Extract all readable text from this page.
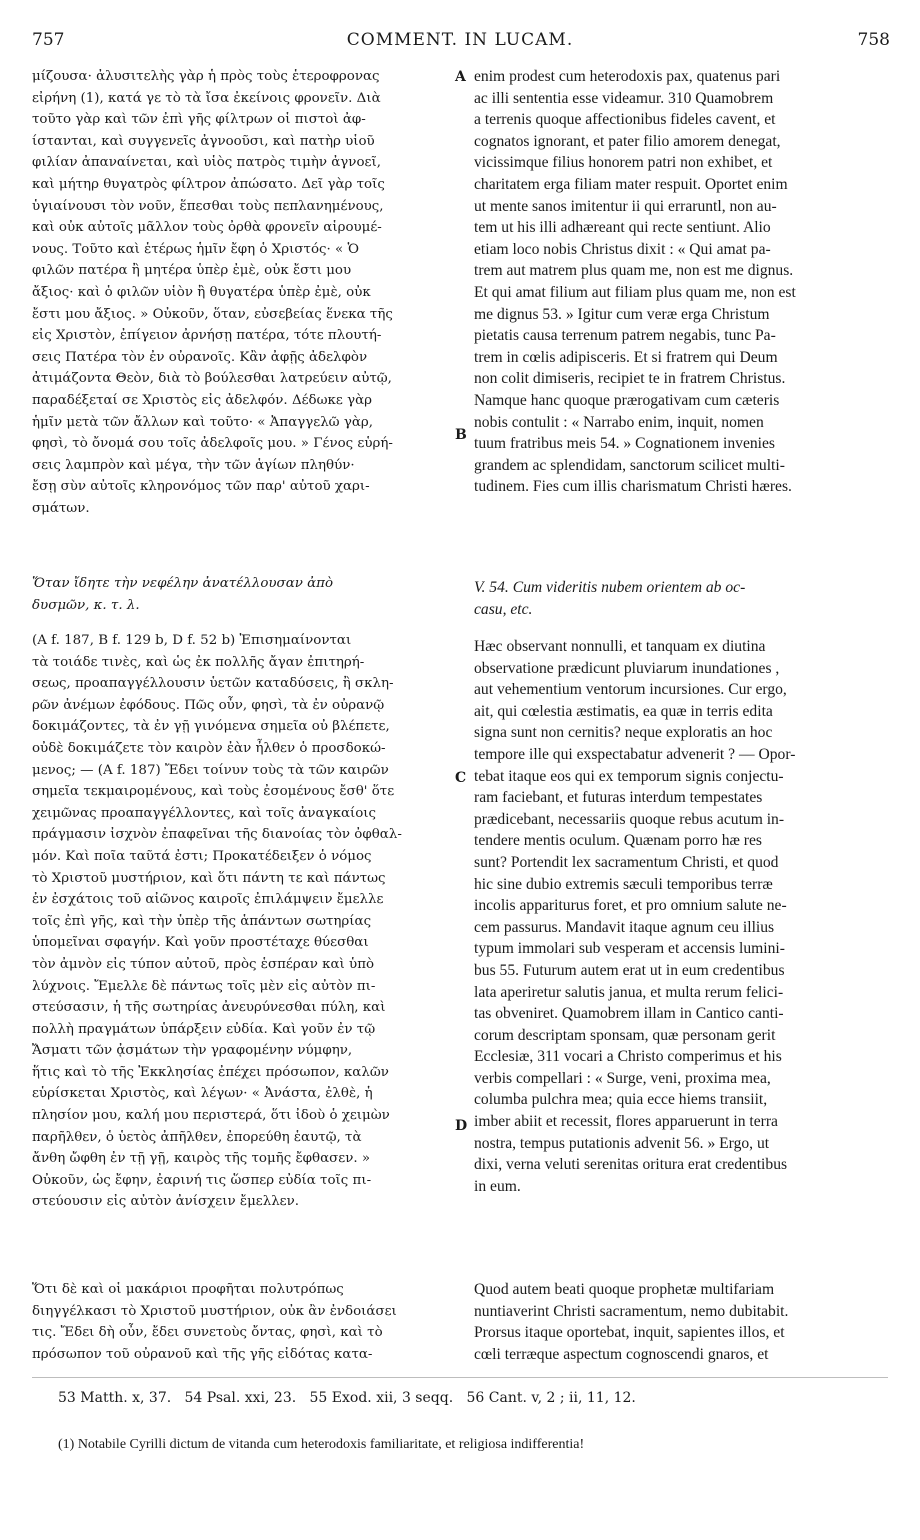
757	COMMENT. IN LUCAM.	758
A
B
C
D

μίζουσα· ἀλυσιτελὴς γὰρ ἡ πρὸς τοὺς ἑτεροφρονας

εἰρήνη (1), κατά γε τὸ τὰ ἴσα ἐκείνοις φρονεῖν. Διὰ

τοῦτο γὰρ καὶ τῶν ἐπὶ γῆς φίλτρων οἱ πιστοὶ ἀφ-

ίστανται, καὶ συγγενεῖς ἀγνοοῦσι, καὶ πατὴρ υἱοῦ

φιλίαν ἀπαναίνεται, καὶ υἱὸς πατρὸς τιμὴν ἀγνοεῖ,

καὶ μήτηρ θυγατρὸς φίλτρον ἀπώσατο. Δεῖ γὰρ τοῖς

ὑγιαίνουσι τὸν νοῦν, ἕπεσθαι τοὺς πεπλανημένους,

καὶ οὐκ αὐτοῖς μᾶλλον τοὺς ὀρθὰ φρονεῖν αἱρουμέ-

νους. Τοῦτο καὶ ἑτέρως ἡμῖν ἔφη ὁ Χριστός· « Ὁ

φιλῶν πατέρα ἢ μητέρα ὑπὲρ ἐμὲ, οὐκ ἔστι μου

ἄξιος· καὶ ὁ φιλῶν υἱὸν ἢ θυγατέρα ὑπὲρ ἐμὲ, οὐκ

ἔστι μου ἄξιος. » Οὐκοῦν, ὅταν, εὐσεβείας ἕνεκα τῆς

εἰς Χριστὸν, ἐπίγειον ἀρνήσῃ πατέρα, τότε πλουτή-

σεις Πατέρα τὸν ἐν οὐρανοῖς. Κἂν ἀφῇς ἀδελφὸν

ἀτιμάζοντα Θεὸν, διὰ τὸ βούλεσθαι λατρεύειν αὐτῷ,

παραδέξεταί σε Χριστὸς εἰς ἀδελφόν. Δέδωκε γὰρ

ἡμῖν μετὰ τῶν ἄλλων καὶ τοῦτο· « Ἀπαγγελῶ γὰρ,

φησὶ, τὸ ὄνομά σου τοῖς ἀδελφοῖς μου. » Γένος εὑρή-

σεις λαμπρὸν καὶ μέγα, τὴν τῶν ἁγίων πληθύν·

ἔσῃ σὺν αὐτοῖς κληρονόμος τῶν παρ' αὐτοῦ χαρι-

σμάτων.

Ὅταν ἴδητε τὴν νεφέλην ἀνατέλλουσαν ἀπὸ

δυσμῶν, κ. τ. λ.

(A f. 187, B f. 129 b, D f. 52 b) Ἐπισημαίνονται

τὰ τοιάδε τινὲς, καὶ ὡς ἐκ πολλῆς ἄγαν ἐπιτηρή-

σεως, προαπαγγέλλουσιν ὑετῶν καταδύσεις, ἢ σκλη-

ρῶν ἀνέμων ἐφόδους. Πῶς οὖν, φησὶ, τὰ ἐν οὐρανῷ

δοκιμάζοντες, τὰ ἐν γῇ γινόμενα σημεῖα οὐ βλέπετε,

οὐδὲ δοκιμάζετε τὸν καιρὸν ἐὰν ἦλθεν ὁ προσδοκώ-

μενος; — (A f. 187) Ἔδει τοίνυν τοὺς τὰ τῶν καιρῶν

σημεῖα τεκμαιρομένους, καὶ τοὺς ἐσομένους ἔσθ' ὅτε

χειμῶνας προαπαγγέλλοντες, καὶ τοῖς ἀναγκαίοις

πράγμασιν ἰσχνὸν ἐπαφεῖναι τῆς διανοίας τὸν ὀφθαλ-

μόν. Καὶ ποῖα ταῦτά ἐστι; Προκατέδειξεν ὁ νόμος

τὸ Χριστοῦ μυστήριον, καὶ ὅτι πάντη τε καὶ πάντως

ἐν ἐσχάτοις τοῦ αἰῶνος καιροῖς ἐπιλάμψειν ἔμελλε

τοῖς ἐπὶ γῆς, καὶ τὴν ὑπὲρ τῆς ἁπάντων σωτηρίας

ὑπομεῖναι σφαγήν. Καὶ γοῦν προστέταχε θύεσθαι

τὸν ἀμνὸν εἰς τύπον αὐτοῦ, πρὸς ἑσπέραν καὶ ὑπὸ

λύχνοις. Ἔμελλε δὲ πάντως τοῖς μὲν εἰς αὐτὸν πι-

στεύσασιν, ἡ τῆς σωτηρίας ἀνευρύνεσθαι πύλη, καὶ

πολλὴ πραγμάτων ὑπάρξειν εὐδία. Καὶ γοῦν ἐν τῷ

Ἄσματι τῶν ᾀσμάτων τὴν γραφομένην νύμφην,

ἥτις καὶ τὸ τῆς Ἐκκλησίας ἐπέχει πρόσωπον, καλῶν

εὑρίσκεται Χριστὸς, καὶ λέγων· « Ἀνάστα, ἐλθὲ, ἡ

πλησίον μου, καλή μου περιστερά, ὅτι ἰδοὺ ὁ χειμὼν

παρῆλθεν, ὁ ὑετὸς ἀπῆλθεν, ἐπορεύθη ἑαυτῷ, τὰ

ἄνθη ὤφθη ἐν τῇ γῇ, καιρὸς τῆς τομῆς ἔφθασεν. »

Οὐκοῦν, ὡς ἔφην, ἐαρινή τις ὥσπερ εὐδία τοῖς πι-

στεύουσιν εἰς αὐτὸν ἀνίσχειν ἔμελλεν.

Ὅτι δὲ καὶ οἱ μακάριοι προφῆται πολυτρόπως

διηγγέλκασι τὸ Χριστοῦ μυστήριον, οὐκ ἂν ἐνδοιάσει

τις. Ἔδει δὴ οὖν, ἔδει συνετοὺς ὄντας, φησὶ, καὶ τὸ

πρόσωπον τοῦ οὐρανοῦ καὶ τῆς γῆς εἰδότας κατα-

enim prodest cum heterodoxis pax, quatenus pari

ac illi sententia esse videamur. 310 Quamobrem

a terrenis quoque affectionibus fideles cavent, et

cognatos ignorant, et pater filio amorem denegat,

vicissimque filius honorem patri non exhibet, et

charitatem erga filiam mater respuit. Oportet enim

ut mente sanos imitentur ii qui erraruntl, non au-

tem ut his illi adhæreant qui recte sentiunt. Alio

etiam loco nobis Christus dixit : « Qui amat pa-

trem aut matrem plus quam me, non est me dignus.

Et qui amat filium aut filiam plus quam me, non est

me dignus 53. » Igitur cum veræ erga Christum

pietatis causa terrenum patrem negabis, tunc Pa-

trem in cœlis adipisceris. Et si fratrem qui Deum

non colit dimiseris, recipiet te in fratrem Christus.

Namque hanc quoque prærogativam cum cæteris

nobis contulit : « Narrabo enim, inquit, nomen

tuum fratribus meis 54. » Cognationem invenies

grandem ac splendidam, sanctorum scilicet multi-

tudinem. Fies cum illis charismatum Christi hæres.

V. 54. Cum videritis nubem orientem ab oc-

casu, etc.

Hæc observant nonnulli, et tanquam ex diutina

observatione prædicunt pluviarum inundationes ,

aut vehementium ventorum incursiones. Cur ergo,

ait, qui cœlestia æstimatis, ea quæ in terris edita

signa sunt non cernitis? neque exploratis an hoc

tempore ille qui exspectabatur advenerit ? — Opor-

tebat itaque eos qui ex temporum signis conjectu-

ram faciebant, et futuras interdum tempestates

prædicebant, necessariis quoque rebus acutum in-

tendere mentis oculum. Quænam porro hæ res

sunt? Portendit lex sacramentum Christi, et quod

hic sine dubio extremis sæculi temporibus terræ

incolis appariturus foret, et pro omnium salute ne-

cem passurus. Mandavit itaque agnum ceu illius

typum immolari sub vesperam et accensis lumini-

bus 55. Futurum autem erat ut in eum credentibus

lata aperiretur salutis janua, et multa rerum felici-

tas obveniret. Quamobrem illam in Cantico canti-

corum descriptam sponsam, quæ personam gerit

Ecclesiæ, 311 vocari a Christo comperimus et his

verbis compellari : « Surge, veni, proxima mea,

columba pulchra mea; quia ecce hiems transiit,

imber abiit et recessit, flores apparuerunt in terra

nostra, tempus putationis advenit 56. » Ergo, ut

dixi, verna veluti serenitas oritura erat credentibus

in eum.

Quod autem beati quoque prophetæ multifariam

nuntiaverint Christi sacramentum, nemo dubitabit.

Prorsus itaque oportebat, inquit, sapientes illos, et

cœli terræque aspectum cognoscendi gnaros, et

53 Matth. x, 37.   54 Psal. xxi, 23.   55 Exod. xii, 3 seqq.   56 Cant. v, 2 ; ii, 11, 12.
(1) Notabile Cyrilli dictum de vitanda cum heterodoxis familiaritate, et religiosa indifferentia!
